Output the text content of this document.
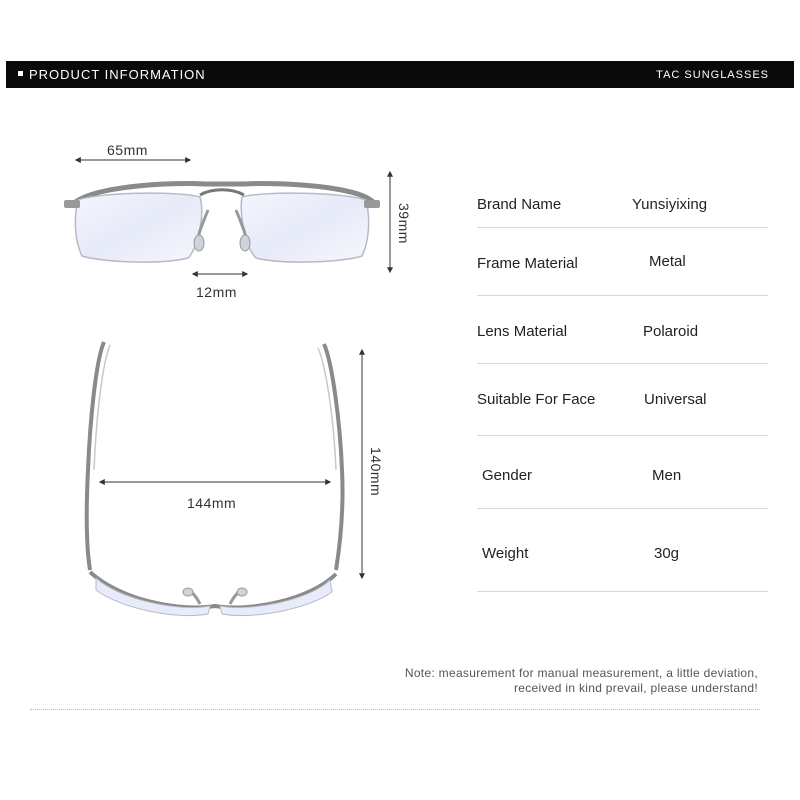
PRODUCT INFORMATION	TAC SUNGLASSES
65mm
39mm
12mm
140mm
144mm
Brand Name	Yunsiyixing
Frame Material	Metal
Lens Material	Polaroid
Suitable For Face	Universal
Gender	Men
Weight	30g
Note: measurement for manual measurement, a little deviation,
received in kind prevail, please understand!
